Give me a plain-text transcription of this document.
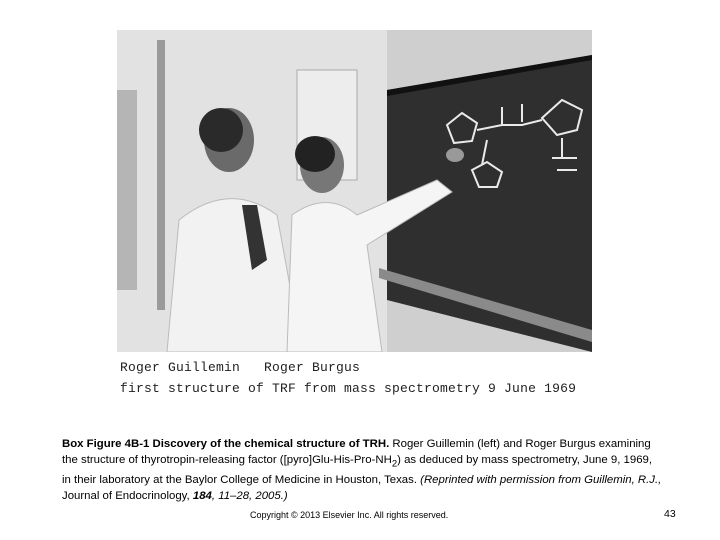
Roger Guillemin   Roger Burgus
first structure of TRF from mass spectrometry 9 June 1969
Box Figure 4B-1 Discovery of the chemical structure of TRH. Roger Guillemin (left) and Roger Burgus examining the structure of thyrotropin-releasing factor $([pyro]Glu-His-Pro-NH_2)$ as deduced by mass spectrometry, June 9, 1969, in their laboratory at the Baylor College of Medicine in Houston, Texas. (Reprinted with permission from Guillemin, R.J., Journal of Endocrinology, 184, 11–28, 2005.)
Copyright © 2013 Elsevier Inc. All rights reserved.	43
